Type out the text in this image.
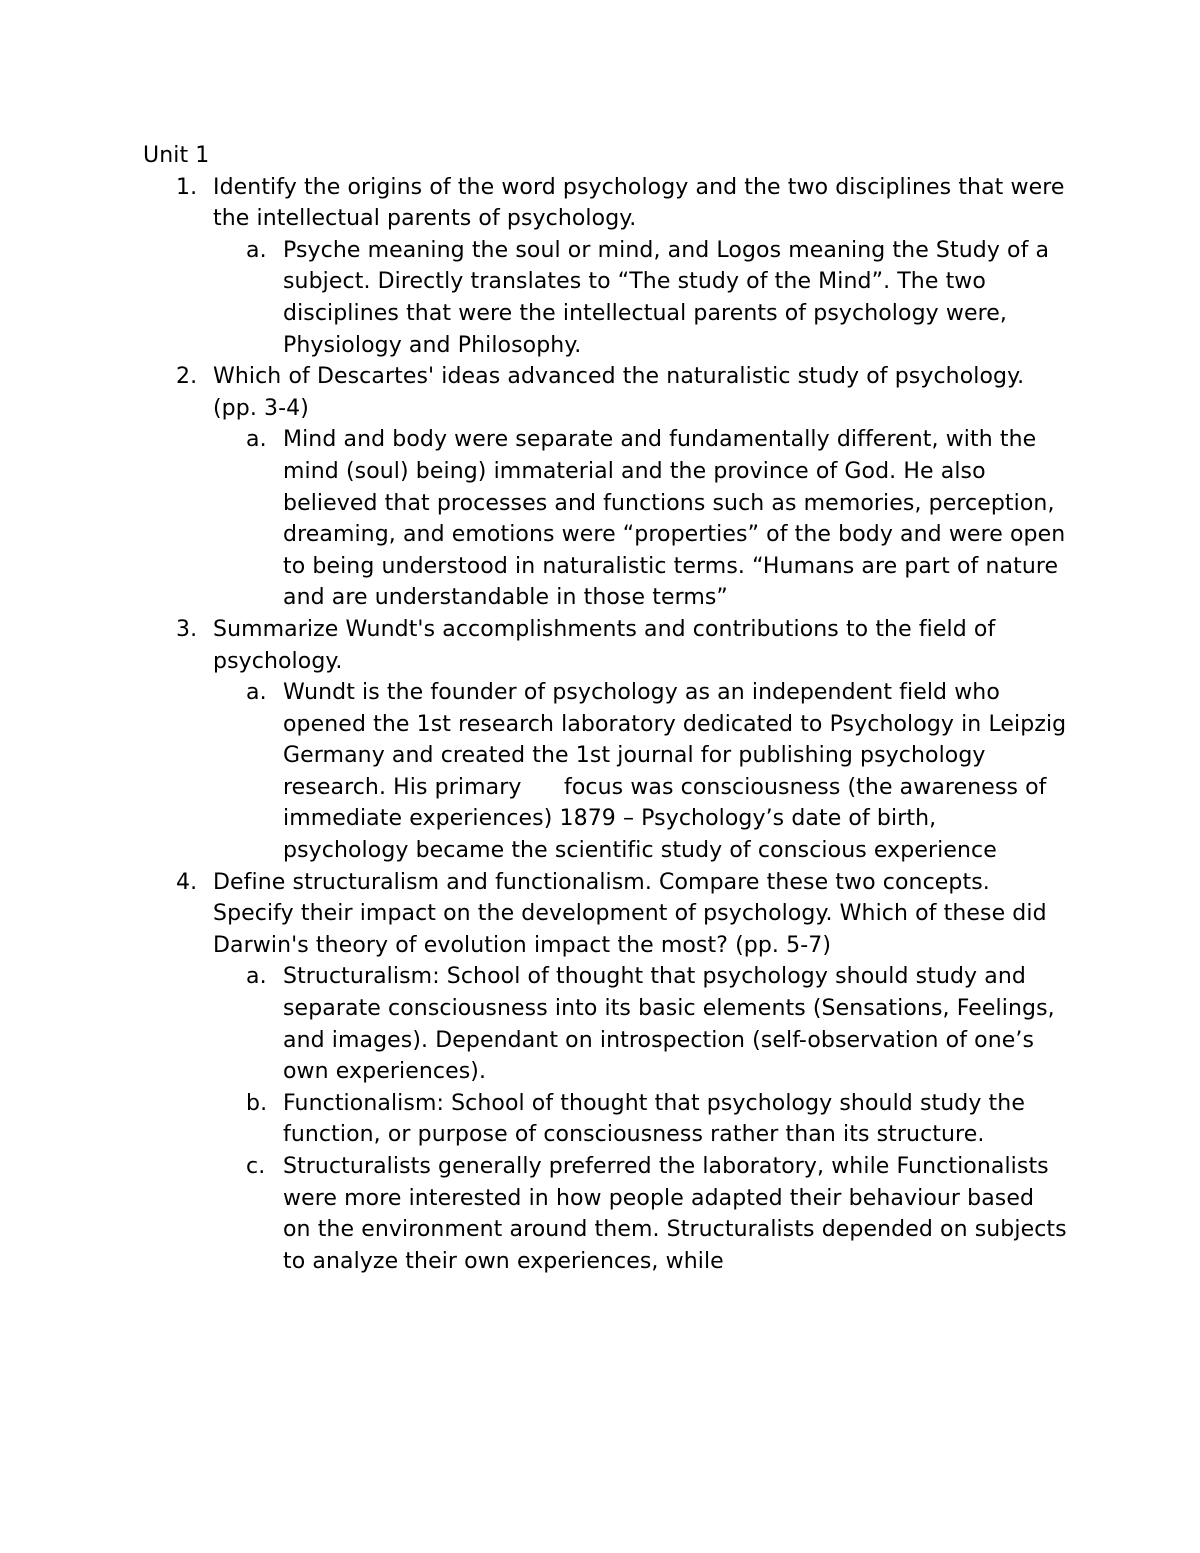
Unit 1
1. Identify the origins of the word psychology and the two disciplines that were the intellectual parents of psychology.
a. Psyche meaning the soul or mind, and Logos meaning the Study of a subject. Directly translates to “The study of the Mind”. The two disciplines that were the intellectual parents of psychology were, Physiology and Philosophy.
2. Which of Descartes' ideas advanced the naturalistic study of psychology. (pp. 3-4)
a. Mind and body were separate and fundamentally different, with the mind (soul) being) immaterial and the province of God. He also believed that processes and functions such as memories, perception, dreaming, and emotions were “properties” of the body and were open to being understood in naturalistic terms. “Humans are part of nature and are understandable in those terms”
3. Summarize Wundt's accomplishments and contributions to the field of psychology.
a. Wundt is the founder of psychology as an independent field who opened the 1st research laboratory dedicated to Psychology in Leipzig Germany and created the 1st journal for publishing psychology research. His primary      focus was consciousness (the awareness of immediate experiences) 1879 – Psychology’s date of birth, psychology became the scientific study of conscious experience
4. Define structuralism and functionalism. Compare these two concepts. Specify their impact on the development of psychology. Which of these did Darwin's theory of evolution impact the most? (pp. 5-7)
a. Structuralism: School of thought that psychology should study and separate consciousness into its basic elements (Sensations, Feelings, and images). Dependant on introspection (self-observation of one’s own experiences).
b. Functionalism: School of thought that psychology should study the function, or purpose of consciousness rather than its structure.
c. Structuralists generally preferred the laboratory, while Functionalists were more interested in how people adapted their behaviour based on the environment around them. Structuralists depended on subjects to analyze their own experiences, while
